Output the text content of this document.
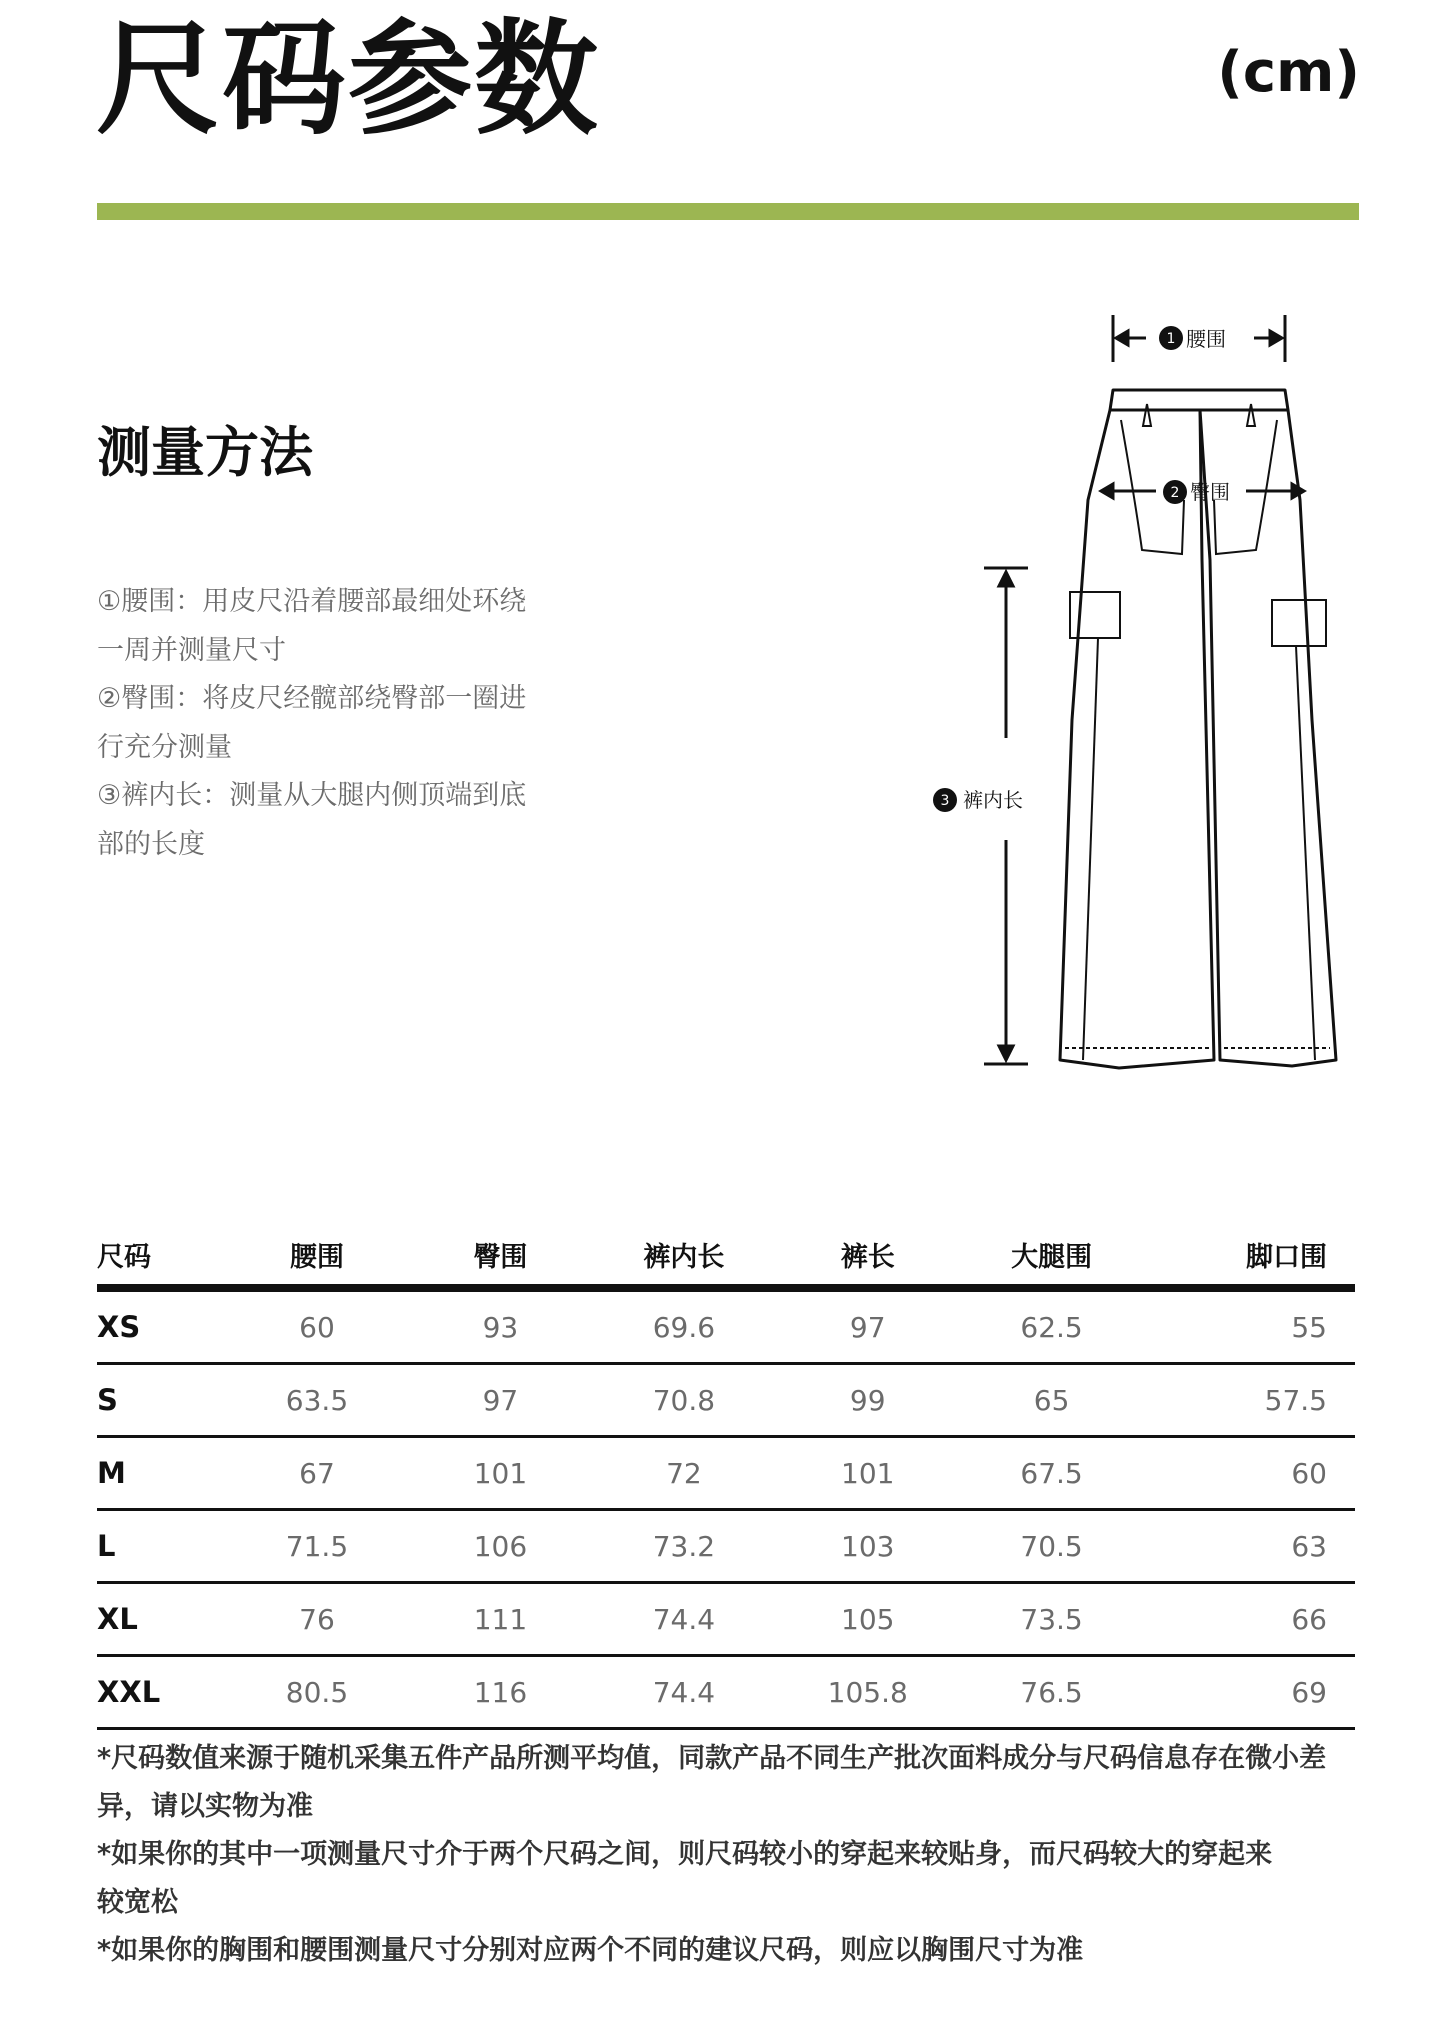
尺码参数	(cm)
测量方法
①腰围：用皮尺沿着腰部最细处环绕
一周并测量尺寸
②臀围：将皮尺经髋部绕臀部一圈进
行充分测量
③裤内长：测量从大腿内侧顶端到底
部的长度
1 腰围
2 臀围
3 裤内长
尺码	腰围	臀围	裤内长	裤长	大腿围	脚口围
XS	60	93	69.6	97	62.5	55
S	63.5	97	70.8	99	65	57.5
M	67	101	72	101	67.5	60
L	71.5	106	73.2	103	70.5	63
XL	76	111	74.4	105	73.5	66
XXL	80.5	116	74.4	105.8	76.5	69
*尺码数值来源于随机采集五件产品所测平均值，同款产品不同生产批次面料成分与尺码信息存在微小差
异，请以实物为准
*如果你的其中一项测量尺寸介于两个尺码之间，则尺码较小的穿起来较贴身，而尺码较大的穿起来
较宽松
*如果你的胸围和腰围测量尺寸分别对应两个不同的建议尺码，则应以胸围尺寸为准
